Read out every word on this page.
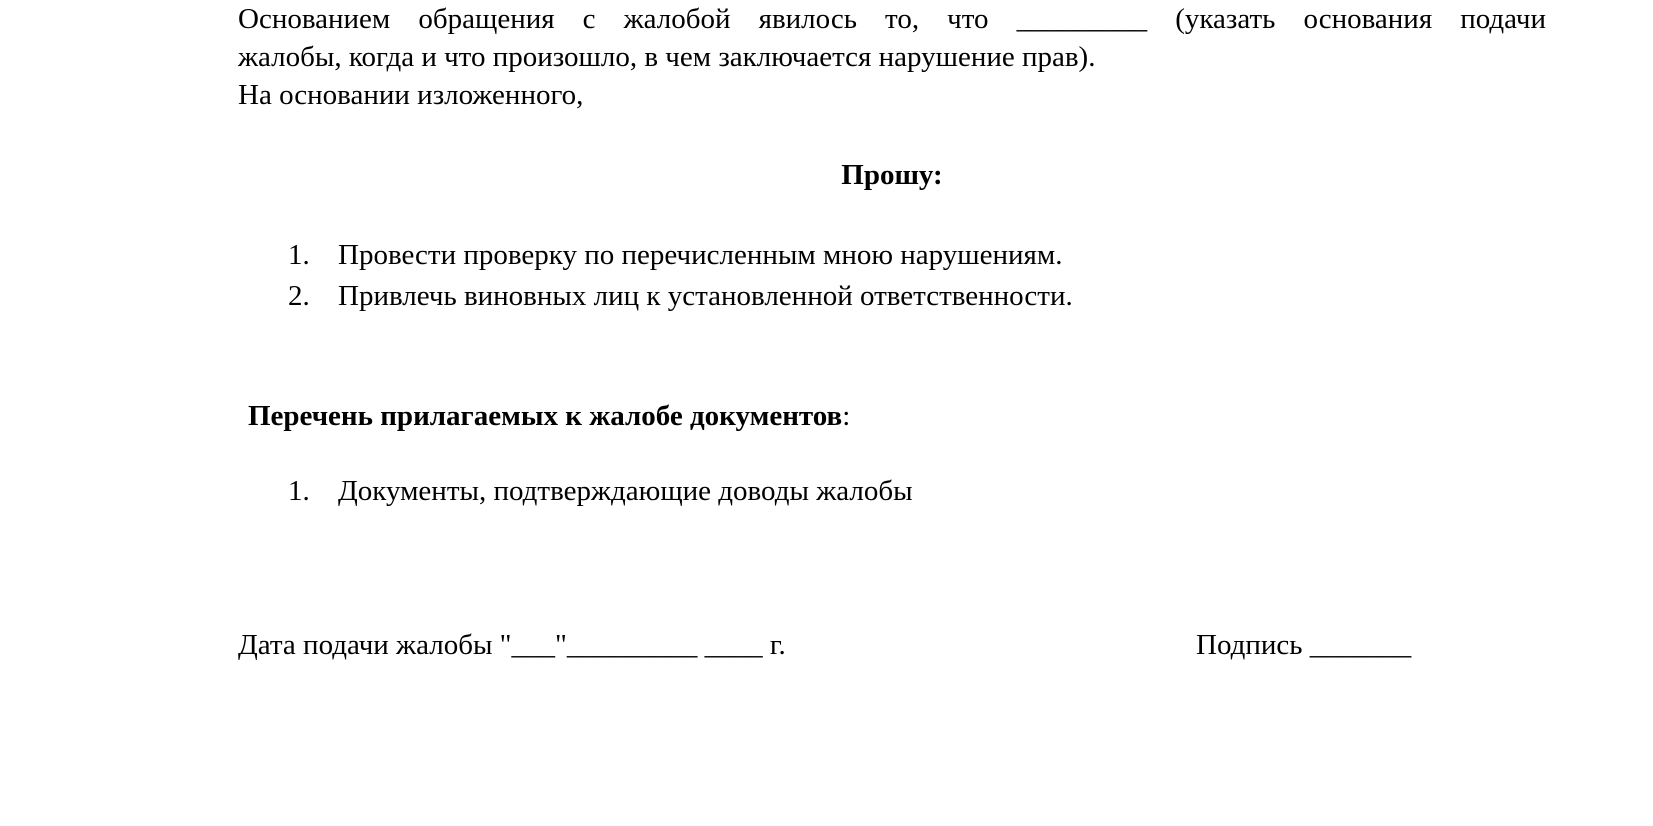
Основанием обращения с жалобой явилось то, что _________ (указать основания подачи

жалобы, когда и что произошло, в чем заключается нарушение прав).

На основании изложенного,

Прошу:

1. Провести проверку по перечисленным мною нарушениям.
2. Привлечь виновных лиц к установленной ответственности.

Перечень прилагаемых к жалобе документов:

1. Документы, подтверждающие доводы жалобы

Дата подачи жалобы "___"_________ ____ г.	Подпись _______
